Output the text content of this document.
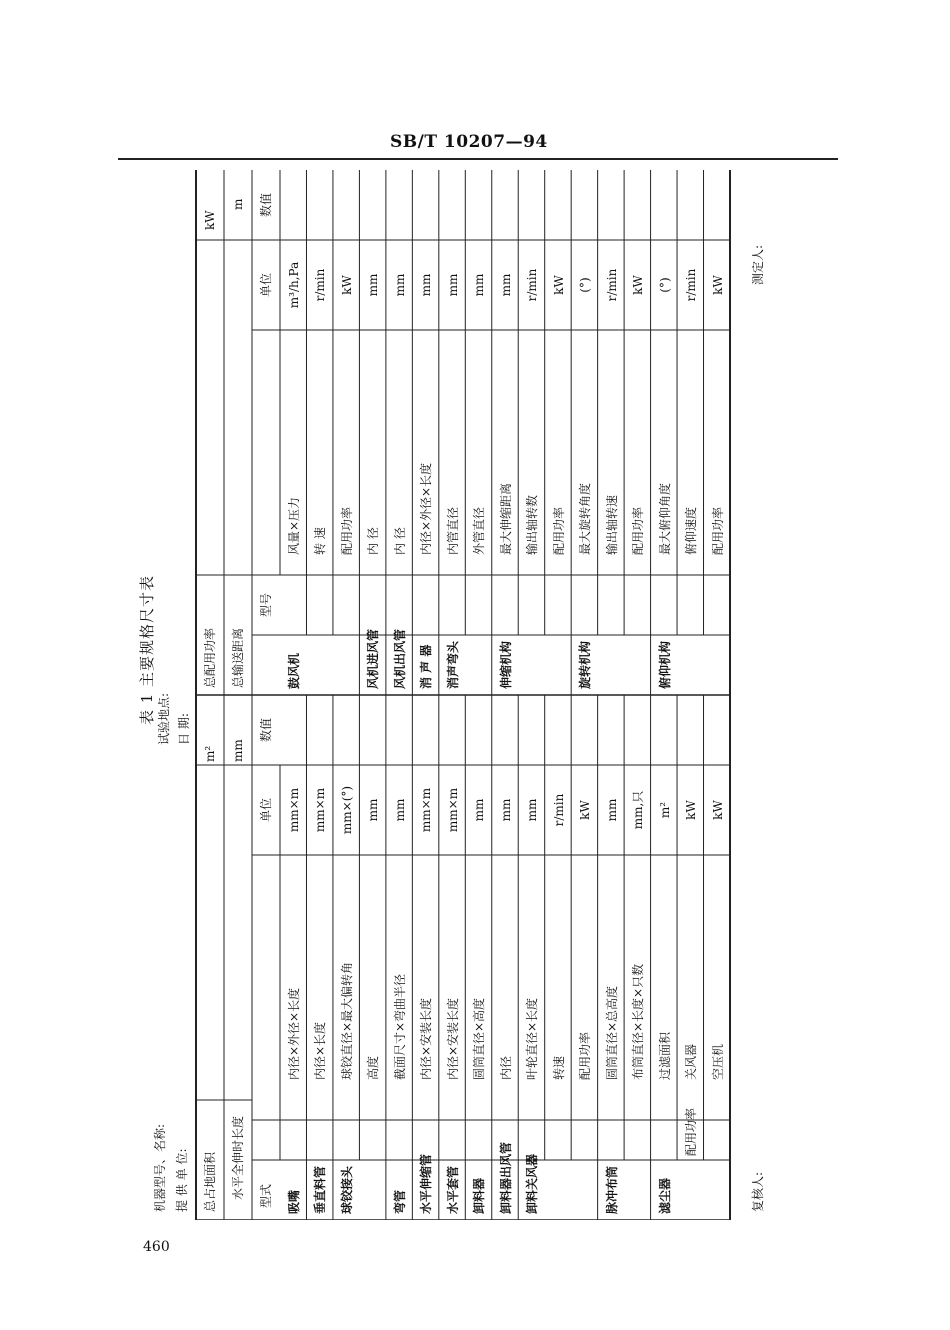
SB/T 10207—94
460
表 1 主要规格尺寸表
机器型号、名称: 提 供 单 位:
试验地点: 日 期:
总占地面积
m²
水平全伸时长度
mm
总配用功率
kW
总输送距离
m
型式
单位
数值
型号
单位
数值
吸嘴
内径×外径×长度
mm×m
垂直料管
内径×长度
mm×m
球铰接头
球铰直径×最大偏转角
mm×(°)
高度
mm
弯管
截面尺寸×弯曲半径
mm
水平伸缩管
内径×安装长度
mm×m
水平套管
内径×安装长度
mm×m
卸料器
圆筒直径×高度
mm
卸料器出风管
内径
mm
卸料关风器
叶轮直径×长度
mm
转速
r/min
配用功率
kW
脉冲布筒
圆筒直径×总高度
mm
布筒直径×长度×只数
mm,只
滤尘器
过滤面积
m²
配用功率
关风器
kW
空压机
kW
鼓风机
风量×压力
m³/h,Pa
转 速
r/min
配用功率
kW
风机进风管
内 径
mm
风机出风管
内 径
mm
消 声 器
内径×外径×长度
mm
消声弯头
内管直径
mm
外管直径
mm
伸缩机构
最大伸缩距离
mm
输出轴转数
r/min
配用功率
kW
旋转机构
最大旋转角度
(°)
输出轴转速
r/min
配用功率
kW
俯仰机构
最大俯仰角度
(°)
俯仰速度
r/min
配用功率
kW
复核人:
测定人:
